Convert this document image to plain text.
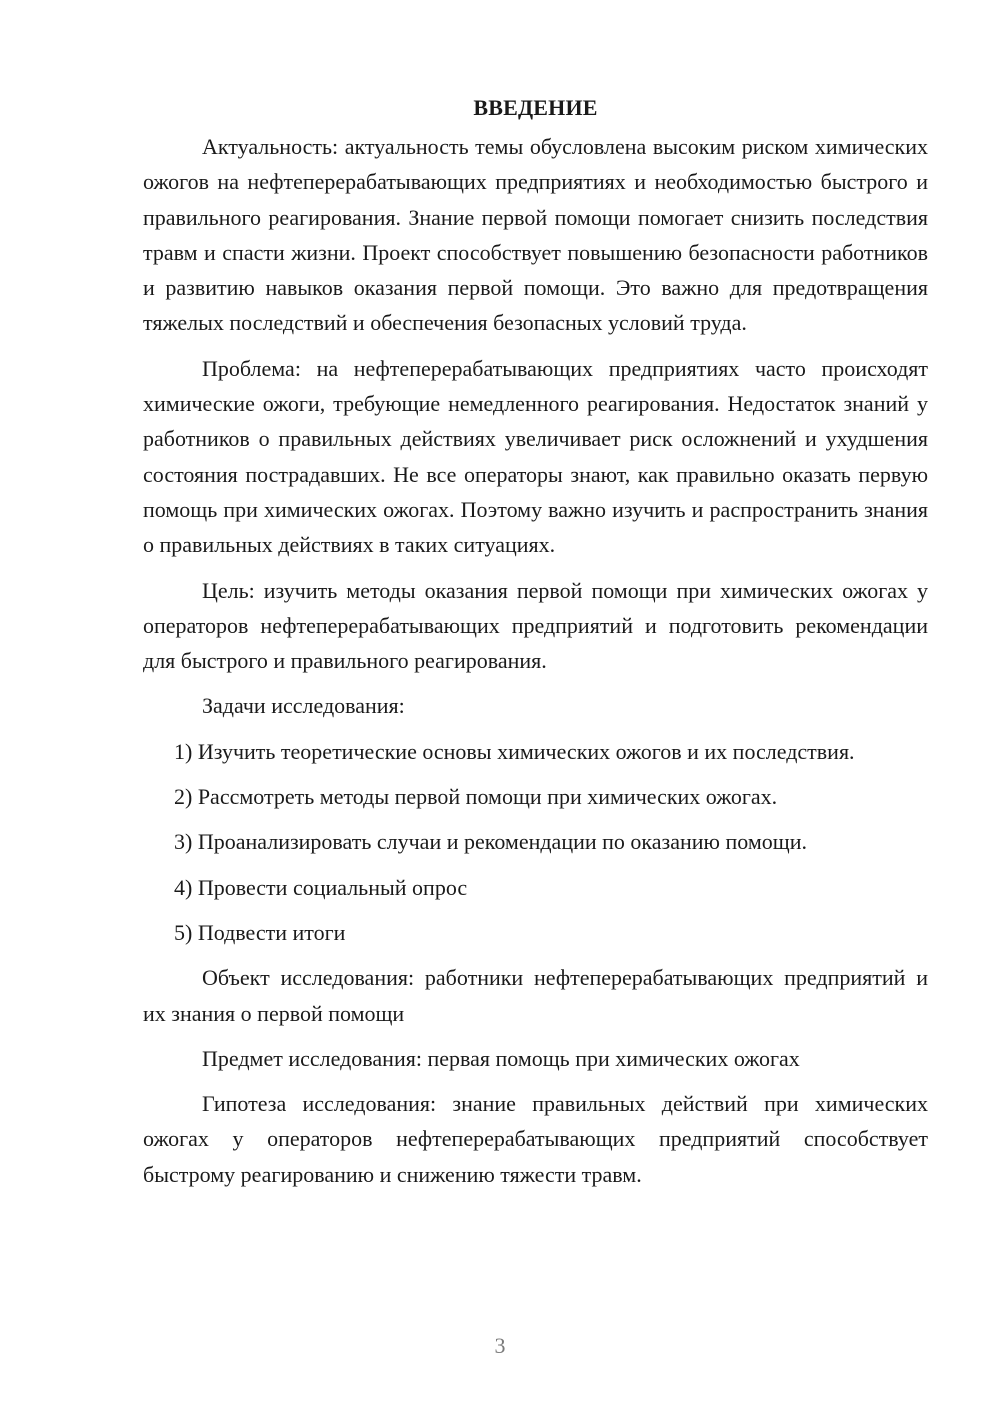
ВВЕДЕНИЕ

Актуальность: актуальность темы обусловлена высоким риском химических ожогов на нефтеперерабатывающих предприятиях и необходимостью быстрого и правильного реагирования. Знание первой помощи помогает снизить последствия травм и спасти жизни. Проект способствует повышению безопасности работников и развитию навыков оказания первой помощи. Это важно для предотвращения тяжелых последствий и обеспечения безопасных условий труда.

Проблема: на нефтеперерабатывающих предприятиях часто происходят химические ожоги, требующие немедленного реагирования. Недостаток знаний у работников о правильных действиях увеличивает риск осложнений и ухудшения состояния пострадавших. Не все операторы знают, как правильно оказать первую помощь при химических ожогах. Поэтому важно изучить и распространить знания о правильных действиях в таких ситуациях.

Цель: изучить методы оказания первой помощи при химических ожогах у операторов нефтеперерабатывающих предприятий и подготовить рекомендации для быстрого и правильного реагирования.

Задачи исследования:

1) Изучить теоретические основы химических ожогов и их последствия.

2) Рассмотреть методы первой помощи при химических ожогах.

3) Проанализировать случаи и рекомендации по оказанию помощи.

4) Провести социальный опрос

5) Подвести итоги

Объект исследования: работники нефтеперерабатывающих предприятий и их знания о первой помощи

Предмет исследования: первая помощь при химических ожогах

Гипотеза исследования: знание правильных действий при химических ожогах у операторов нефтеперерабатывающих предприятий способствует быстрому реагированию и снижению тяжести травм.

3
